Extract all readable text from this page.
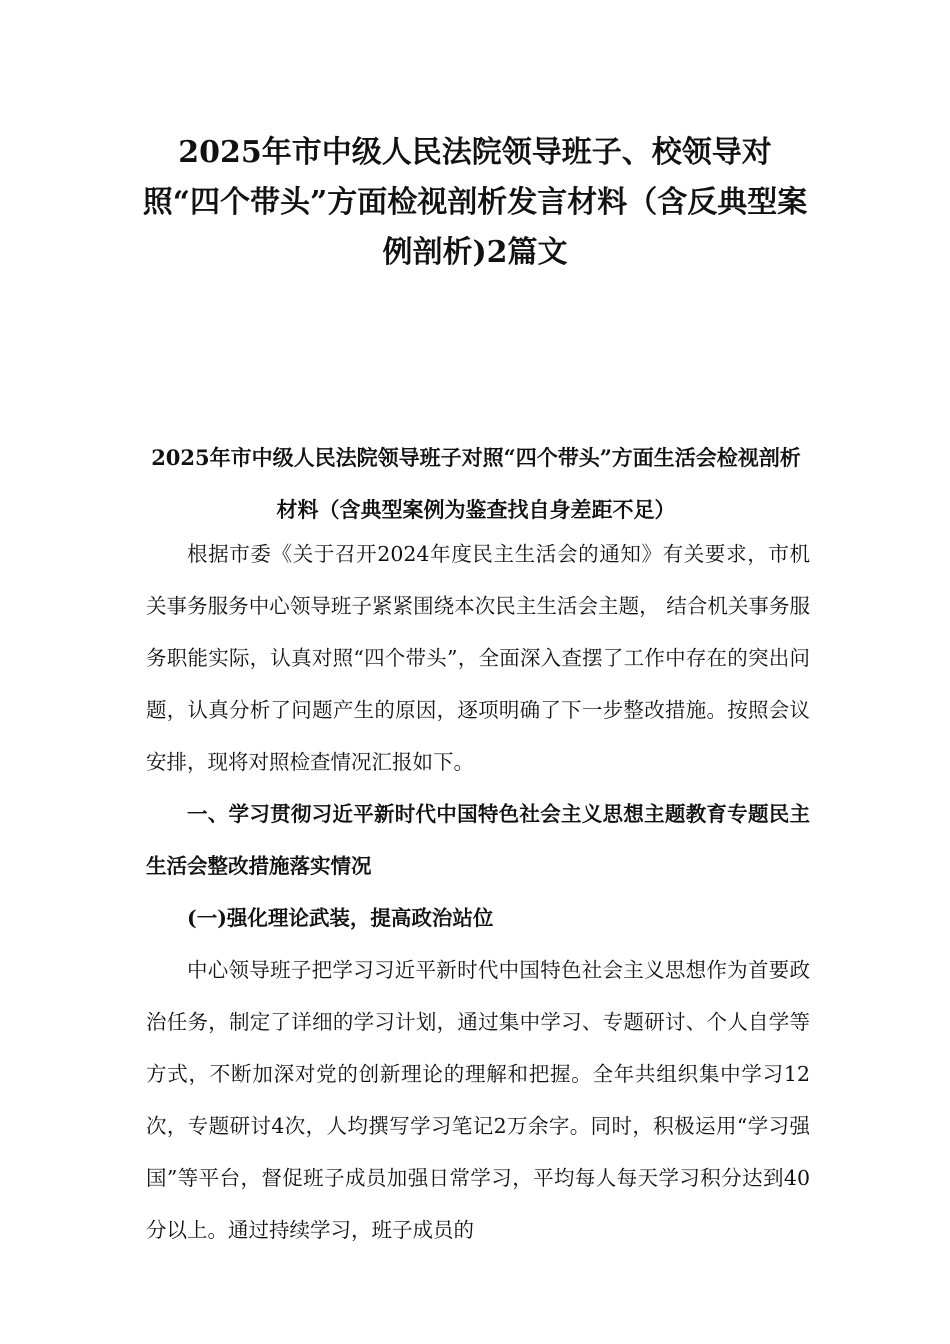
2025年市中级人民法院领导班子、校领导对照“四个带头”方面检视剖析发言材料（含反典型案例剖析)2篇文
2025年市中级人民法院领导班子对照“四个带头”方面生活会检视剖析材料（含典型案例为鉴查找自身差距不足）

根据市委《关于召开2024年度民主生活会的通知》有关要求，市机关事务服务中心领导班子紧紧围绕本次民主生活会主题， 结合机关事务服务职能实际，认真对照“四个带头”，全面深入查摆了工作中存在的突出问题，认真分析了问题产生的原因，逐项明确了下一步整改措施。按照会议安排，现将对照检查情况汇报如下。

一、学习贯彻习近平新时代中国特色社会主义思想主题教育专题民主生活会整改措施落实情况

(一)强化理论武装，提高政治站位

中心领导班子把学习习近平新时代中国特色社会主义思想作为首要政治任务，制定了详细的学习计划，通过集中学习、专题研讨、个人自学等方式，不断加深对党的创新理论的理解和把握。全年共组织集中学习12次，专题研讨4次，人均撰写学习笔记2万余字。同时，积极运用“学习强国”等平台，督促班子成员加强日常学习，平均每人每天学习积分达到40分以上。通过持续学习，班子成员的
